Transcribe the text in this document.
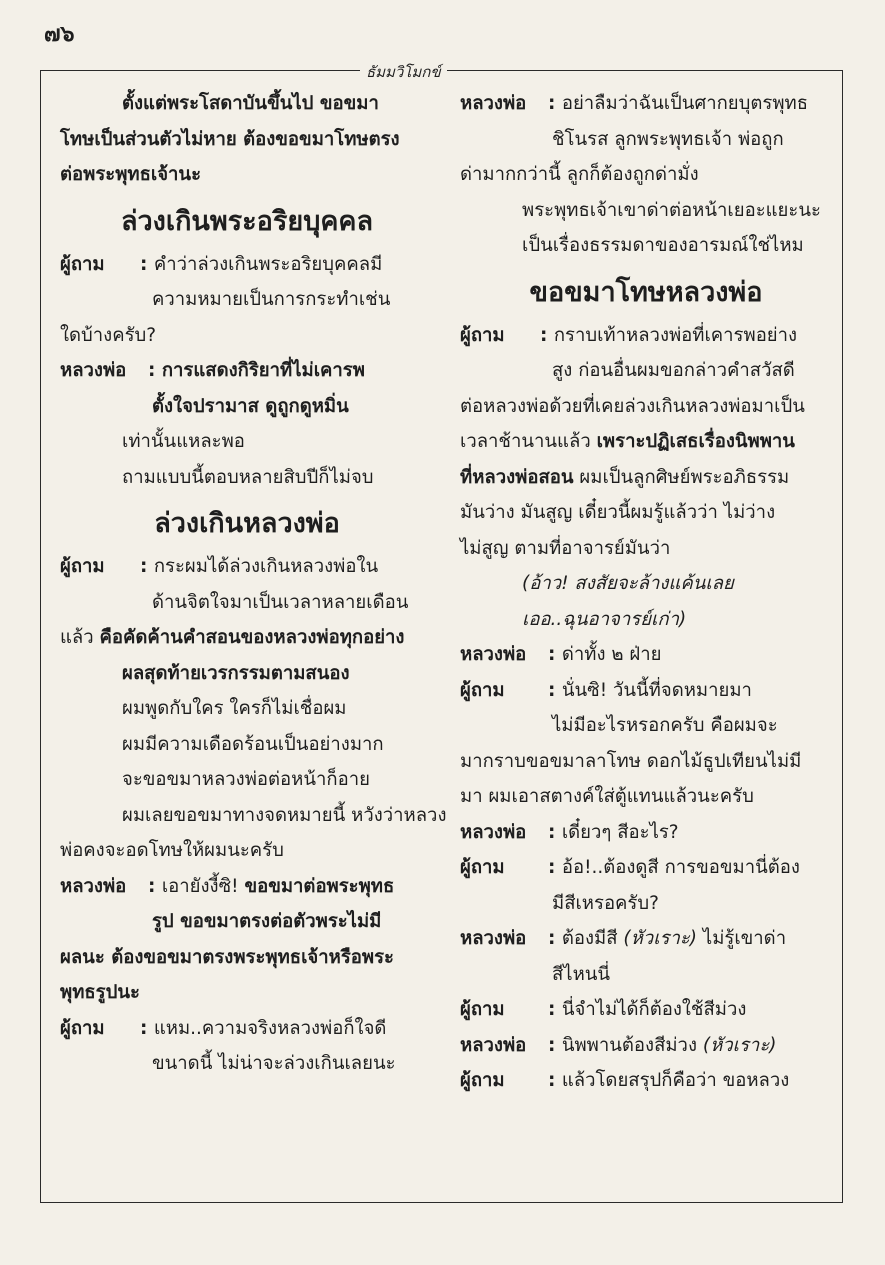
๗๖
ธัมมวิโมกข์

ตั้งแต่พระโสดาบันขึ้นไป ขอขมา

โทษเป็นส่วนตัวไม่หาย ต้องขอขมาโทษตรง

ต่อพระพุทธเจ้านะ

ล่วงเกินพระอริยบุคคล

ผู้ถาม : คำว่าล่วงเกินพระอริยบุคคลมี

ความหมายเป็นการกระทำเช่น

ใดบ้างครับ?

หลวงพ่อ : การแสดงกิริยาที่ไม่เคารพ

ตั้งใจปรามาส ดูถูกดูหมิ่น

เท่านั้นแหละพอ

ถามแบบนี้ตอบหลายสิบปีก็ไม่จบ

ล่วงเกินหลวงพ่อ

ผู้ถาม : กระผมได้ล่วงเกินหลวงพ่อใน

ด้านจิตใจมาเป็นเวลาหลายเดือน

แล้ว คือคัดค้านคำสอนของหลวงพ่อทุกอย่าง

ผลสุดท้ายเวรกรรมตามสนอง

ผมพูดกับใคร ใครก็ไม่เชื่อผม

ผมมีความเดือดร้อนเป็นอย่างมาก

จะขอขมาหลวงพ่อต่อหน้าก็อาย

ผมเลยขอขมาทางจดหมายนี้ หวังว่าหลวง

พ่อคงจะอดโทษให้ผมนะครับ

หลวงพ่อ : เอายังงี้ซิ! ขอขมาต่อพระพุทธ

รูป ขอขมาตรงต่อตัวพระไม่มี

ผลนะ ต้องขอขมาตรงพระพุทธเจ้าหรือพระ

พุทธรูปนะ

ผู้ถาม : แหม..ความจริงหลวงพ่อก็ใจดี

ขนาดนี้ ไม่น่าจะล่วงเกินเลยนะ

หลวงพ่อ : อย่าลืมว่าฉันเป็นศากยบุตรพุทธ

ชิโนรส ลูกพระพุทธเจ้า พ่อถูก

ด่ามากกว่านี้ ลูกก็ต้องถูกด่ามั่ง

พระพุทธเจ้าเขาด่าต่อหน้าเยอะแยะนะ

เป็นเรื่องธรรมดาของอารมณ์ใช่ไหม

ขอขมาโทษหลวงพ่อ

ผู้ถาม : กราบเท้าหลวงพ่อที่เคารพอย่าง

สูง ก่อนอื่นผมขอกล่าวคำสวัสดี

ต่อหลวงพ่อด้วยที่เคยล่วงเกินหลวงพ่อมาเป็น

เวลาช้านานแล้ว เพราะปฏิเสธเรื่องนิพพาน

ที่หลวงพ่อสอน ผมเป็นลูกศิษย์พระอภิธรรม

มันว่าง มันสูญ เดี๋ยวนี้ผมรู้แล้วว่า ไม่ว่าง

ไม่สูญ ตามที่อาจารย์มันว่า

(อ้าว! สงสัยจะล้างแค้นเลย

เออ..ฉุนอาจารย์เก่า)

หลวงพ่อ : ด่าทั้ง ๒ ฝ่าย

ผู้ถาม : นั่นซิ! วันนี้ที่จดหมายมา

ไม่มีอะไรหรอกครับ คือผมจะ

มากราบขอขมาลาโทษ ดอกไม้ธูปเทียนไม่มี

มา ผมเอาสตางค์ใส่ตู้แทนแล้วนะครับ

หลวงพ่อ : เดี๋ยวๆ สีอะไร?

ผู้ถาม : อ้อ!..ต้องดูสี การขอขมานี่ต้อง

มีสีเหรอครับ?

หลวงพ่อ : ต้องมีสี (หัวเราะ) ไม่รู้เขาด่า

สีไหนนี่

ผู้ถาม : นี่จำไม่ได้ก็ต้องใช้สีม่วง

หลวงพ่อ : นิพพานต้องสีม่วง (หัวเราะ)

ผู้ถาม : แล้วโดยสรุปก็คือว่า ขอหลวง
